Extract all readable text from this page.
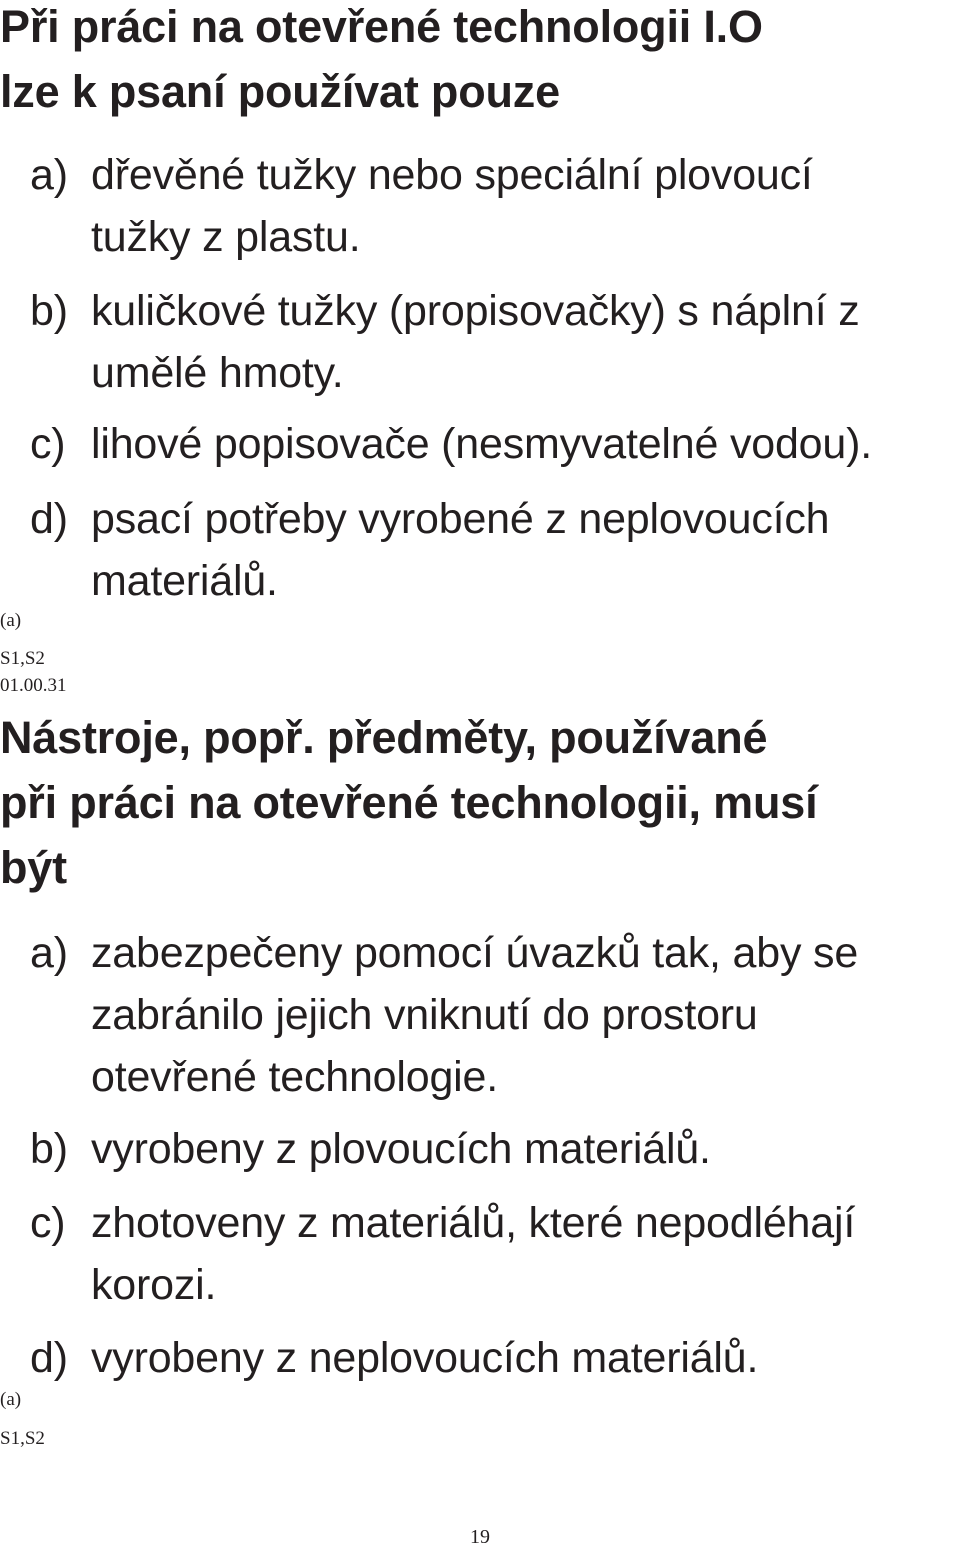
Při práci na otevřené technologii I.O
lze k psaní používat pouze
a) dřevěné tužky nebo speciální plovoucí
tužky z plastu.
b) kuličkové tužky (propisovačky) s náplní z
umělé hmoty.
c) lihové popisovače (nesmyvatelné vodou).
d) psací potřeby vyrobené z neplovoucích
materiálů.
(a)
S1,S2
01.00.31
Nástroje, popř. předměty, používané
při práci na otevřené technologii, musí
být
a) zabezpečeny pomocí úvazků tak, aby se
zabránilo jejich vniknutí do prostoru
otevřené technologie.
b) vyrobeny z plovoucích materiálů.
c) zhotoveny z materiálů, které nepodléhají
korozi.
d) vyrobeny z neplovoucích materiálů.
(a)
S1,S2
19
